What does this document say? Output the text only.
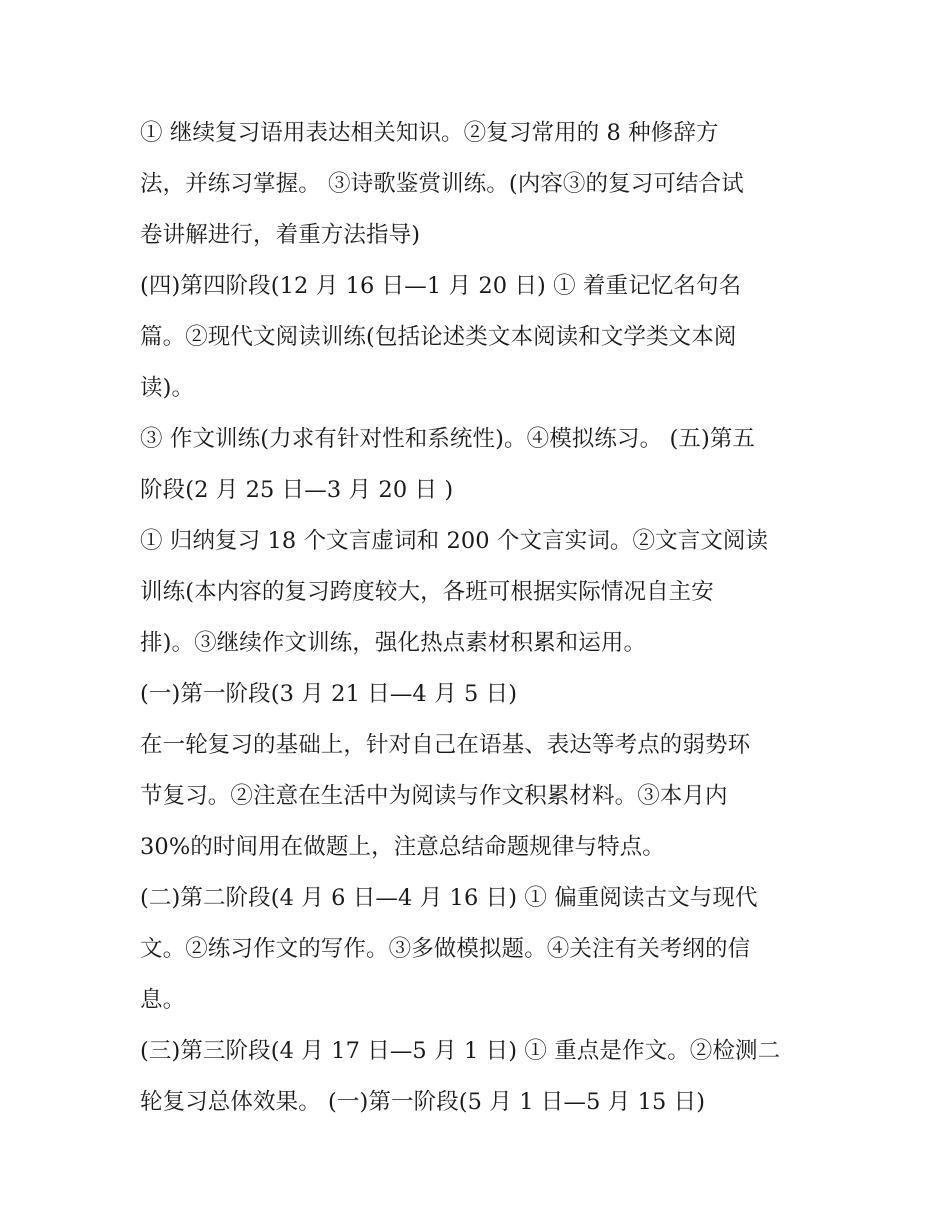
① 继续复习语用表达相关知识。②复习常用的 8 种修辞方
法，并练习掌握。 ③诗歌鉴赏训练。(内容③的复习可结合试
卷讲解进行，着重方法指导)
(四)第四阶段(12 月 16 日—1 月 20 日) ① 着重记忆名句名
篇。②现代文阅读训练(包括论述类文本阅读和文学类文本阅
读)。
③ 作文训练(力求有针对性和系统性)。④模拟练习。 (五)第五
阶段(2 月 25 日—3 月 20 日 )
① 归纳复习 18 个文言虚词和 200 个文言实词。②文言文阅读
训练(本内容的复习跨度较大，各班可根据实际情况自主安
排)。③继续作文训练，强化热点素材积累和运用。
(一)第一阶段(3 月 21 日—4 月 5 日)
在一轮复习的基础上，针对自己在语基、表达等考点的弱势环
节复习。②注意在生活中为阅读与作文积累材料。③本月内
30%的时间用在做题上，注意总结命题规律与特点。
(二)第二阶段(4 月 6 日—4 月 16 日) ① 偏重阅读古文与现代
文。②练习作文的写作。③多做模拟题。④关注有关考纲的信
息。
(三)第三阶段(4 月 17 日—5 月 1 日) ① 重点是作文。②检测二
轮复习总体效果。 (一)第一阶段(5 月 1 日—5 月 15 日)
